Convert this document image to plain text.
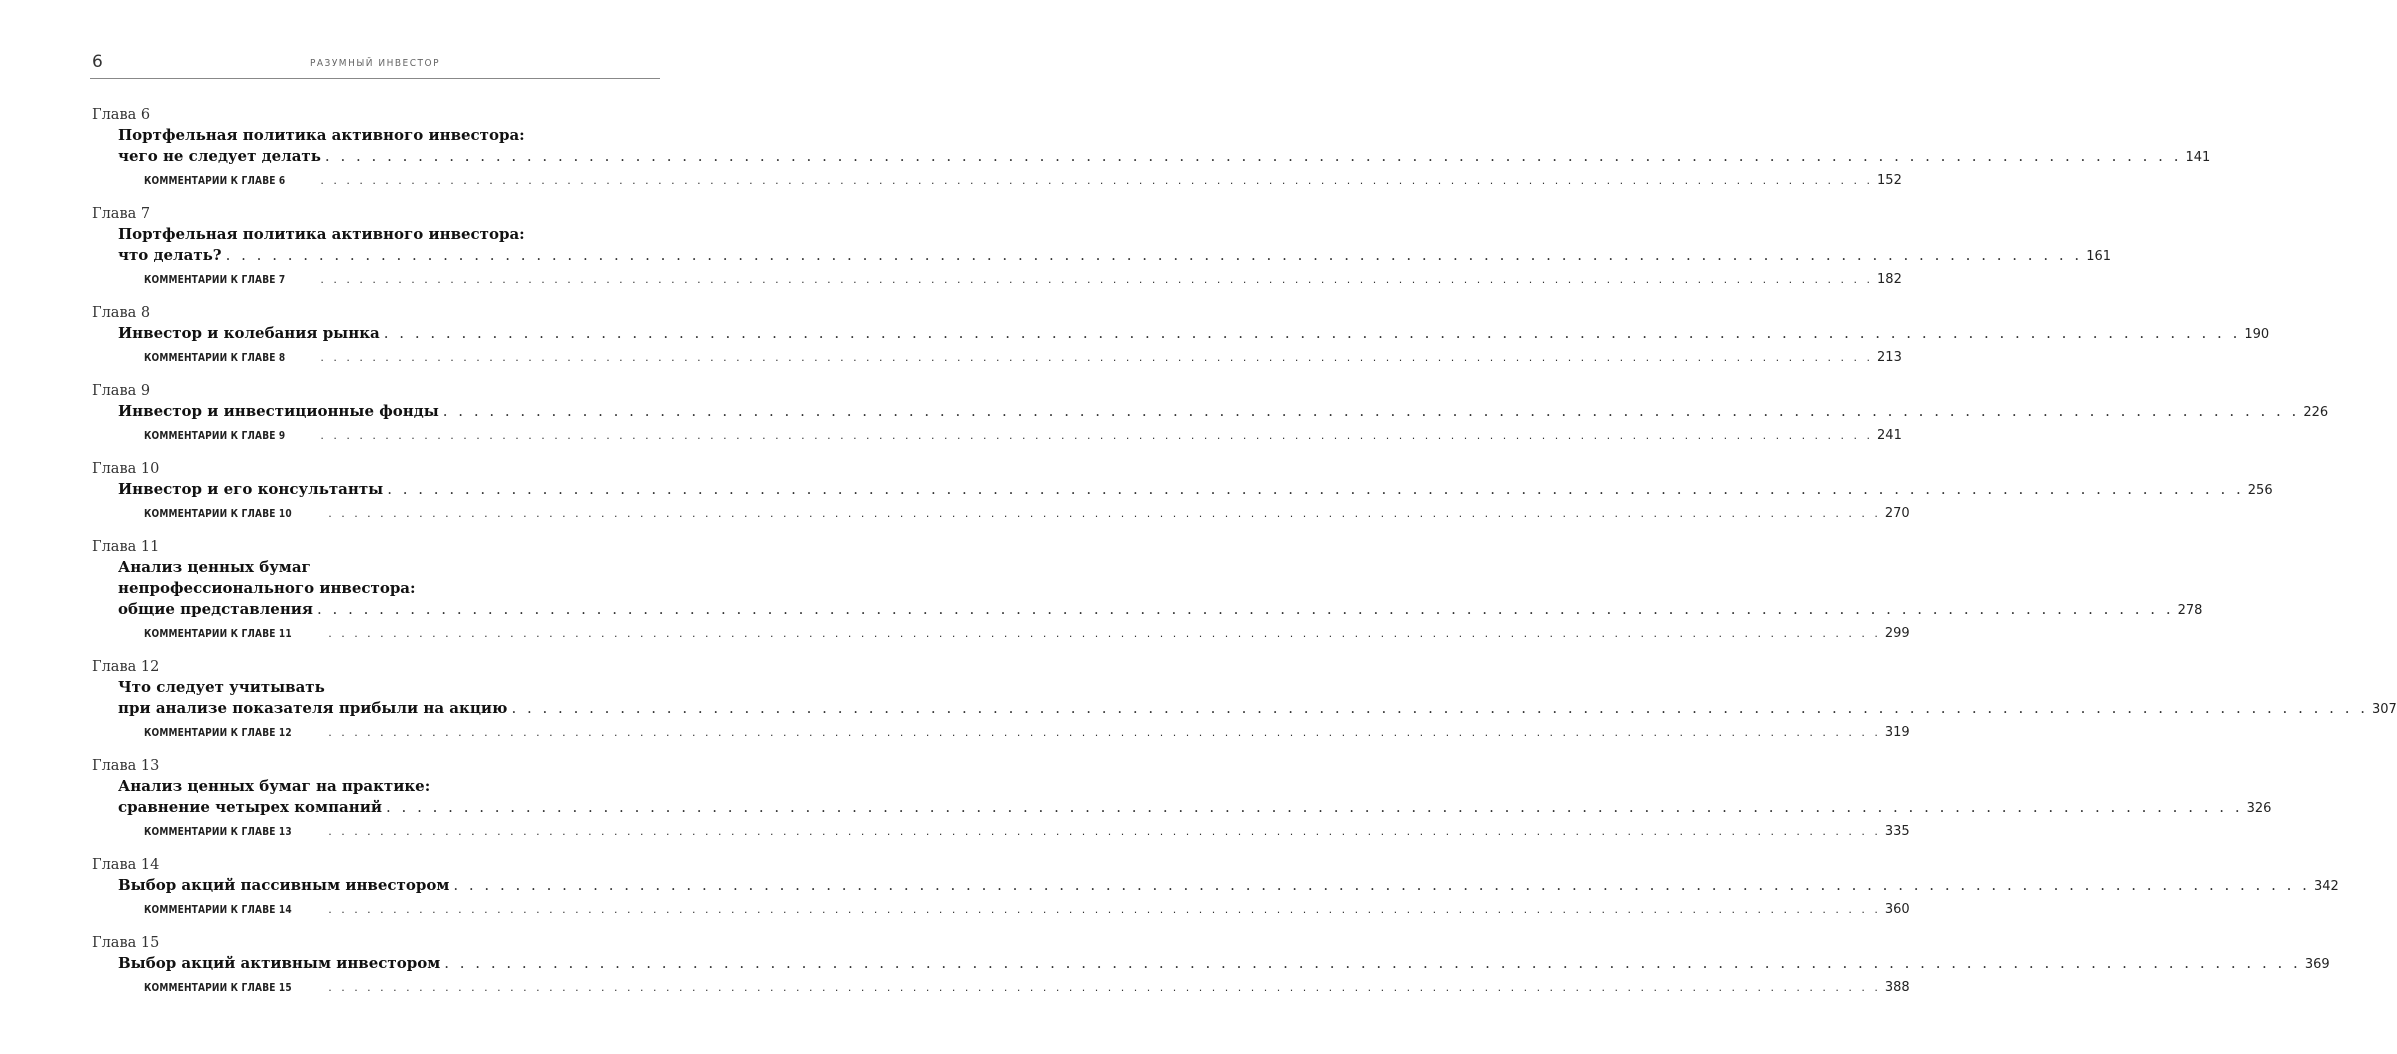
6	РАЗУМНЫЙ ИНВЕСТОР
Глава 6
Портфельная политика активного инвестора:
чего не следует делать . . . . . . . . . . . . . . . . . . . . . . . . . . . . . . . . . . . . . . . . . . . . . . . . . . . . . . . . . . . . . . . . . . . . . . . . . . . . . . . . . . . . . . . . . . . . . . . . . . . . . . . . . . . . . . . . . . . . . . . . 141
КОММЕНТАРИИ К ГЛАВЕ 6	. . . . . . . . . . . . . . . . . . . . . . . . . . . . . . . . . . . . . . . . . . . . . . . . . . . . . . . . . . . . . . . . . . . . . . . . . . . . . . . . . . . . . . . . . . . . . . . . . . . . . . . . . . . . . . . . . . . . . . . . 152
Глава 7
Портфельная политика активного инвестора:
что делать? . . . . . . . . . . . . . . . . . . . . . . . . . . . . . . . . . . . . . . . . . . . . . . . . . . . . . . . . . . . . . . . . . . . . . . . . . . . . . . . . . . . . . . . . . . . . . . . . . . . . . . . . . . . . . . . . . . . . . . . . 161
КОММЕНТАРИИ К ГЛАВЕ 7	. . . . . . . . . . . . . . . . . . . . . . . . . . . . . . . . . . . . . . . . . . . . . . . . . . . . . . . . . . . . . . . . . . . . . . . . . . . . . . . . . . . . . . . . . . . . . . . . . . . . . . . . . . . . . . . . . . . . . . . . 182
Глава 8
Инвестор и колебания рынка . . . . . . . . . . . . . . . . . . . . . . . . . . . . . . . . . . . . . . . . . . . . . . . . . . . . . . . . . . . . . . . . . . . . . . . . . . . . . . . . . . . . . . . . . . . . . . . . . . . . . . . . . . . . . . . . . . . . . . . . 190
КОММЕНТАРИИ К ГЛАВЕ 8	. . . . . . . . . . . . . . . . . . . . . . . . . . . . . . . . . . . . . . . . . . . . . . . . . . . . . . . . . . . . . . . . . . . . . . . . . . . . . . . . . . . . . . . . . . . . . . . . . . . . . . . . . . . . . . . . . . . . . . . . 213
Глава 9
Инвестор и инвестиционные фонды . . . . . . . . . . . . . . . . . . . . . . . . . . . . . . . . . . . . . . . . . . . . . . . . . . . . . . . . . . . . . . . . . . . . . . . . . . . . . . . . . . . . . . . . . . . . . . . . . . . . . . . . . . . . . . . . . . . . . . . . 226
КОММЕНТАРИИ К ГЛАВЕ 9	. . . . . . . . . . . . . . . . . . . . . . . . . . . . . . . . . . . . . . . . . . . . . . . . . . . . . . . . . . . . . . . . . . . . . . . . . . . . . . . . . . . . . . . . . . . . . . . . . . . . . . . . . . . . . . . . . . . . . . . . 241
Глава 10
Инвестор и его консультанты . . . . . . . . . . . . . . . . . . . . . . . . . . . . . . . . . . . . . . . . . . . . . . . . . . . . . . . . . . . . . . . . . . . . . . . . . . . . . . . . . . . . . . . . . . . . . . . . . . . . . . . . . . . . . . . . . . . . . . . . 256
КОММЕНТАРИИ К ГЛАВЕ 10	. . . . . . . . . . . . . . . . . . . . . . . . . . . . . . . . . . . . . . . . . . . . . . . . . . . . . . . . . . . . . . . . . . . . . . . . . . . . . . . . . . . . . . . . . . . . . . . . . . . . . . . . . . . . . . . . . . . . . . . . 270
Глава 11
Анализ ценных бумаг
непрофессионального инвестора:
общие представления . . . . . . . . . . . . . . . . . . . . . . . . . . . . . . . . . . . . . . . . . . . . . . . . . . . . . . . . . . . . . . . . . . . . . . . . . . . . . . . . . . . . . . . . . . . . . . . . . . . . . . . . . . . . . . . . . . . . . . . . 278
КОММЕНТАРИИ К ГЛАВЕ 11	. . . . . . . . . . . . . . . . . . . . . . . . . . . . . . . . . . . . . . . . . . . . . . . . . . . . . . . . . . . . . . . . . . . . . . . . . . . . . . . . . . . . . . . . . . . . . . . . . . . . . . . . . . . . . . . . . . . . . . . . 299
Глава 12
Что следует учитывать
при анализе показателя прибыли на акцию . . . . . . . . . . . . . . . . . . . . . . . . . . . . . . . . . . . . . . . . . . . . . . . . . . . . . . . . . . . . . . . . . . . . . . . . . . . . . . . . . . . . . . . . . . . . . . . . . . . . . . . . . . . . . . . . . . . . . . . . 307
КОММЕНТАРИИ К ГЛАВЕ 12	. . . . . . . . . . . . . . . . . . . . . . . . . . . . . . . . . . . . . . . . . . . . . . . . . . . . . . . . . . . . . . . . . . . . . . . . . . . . . . . . . . . . . . . . . . . . . . . . . . . . . . . . . . . . . . . . . . . . . . . . 319
Глава 13
Анализ ценных бумаг на практике:
сравнение четырех компаний . . . . . . . . . . . . . . . . . . . . . . . . . . . . . . . . . . . . . . . . . . . . . . . . . . . . . . . . . . . . . . . . . . . . . . . . . . . . . . . . . . . . . . . . . . . . . . . . . . . . . . . . . . . . . . . . . . . . . . . . 326
КОММЕНТАРИИ К ГЛАВЕ 13	. . . . . . . . . . . . . . . . . . . . . . . . . . . . . . . . . . . . . . . . . . . . . . . . . . . . . . . . . . . . . . . . . . . . . . . . . . . . . . . . . . . . . . . . . . . . . . . . . . . . . . . . . . . . . . . . . . . . . . . . 335
Глава 14
Выбор акций пассивным инвестором . . . . . . . . . . . . . . . . . . . . . . . . . . . . . . . . . . . . . . . . . . . . . . . . . . . . . . . . . . . . . . . . . . . . . . . . . . . . . . . . . . . . . . . . . . . . . . . . . . . . . . . . . . . . . . . . . . . . . . . . 342
КОММЕНТАРИИ К ГЛАВЕ 14	. . . . . . . . . . . . . . . . . . . . . . . . . . . . . . . . . . . . . . . . . . . . . . . . . . . . . . . . . . . . . . . . . . . . . . . . . . . . . . . . . . . . . . . . . . . . . . . . . . . . . . . . . . . . . . . . . . . . . . . . 360
Глава 15
Выбор акций активным инвестором . . . . . . . . . . . . . . . . . . . . . . . . . . . . . . . . . . . . . . . . . . . . . . . . . . . . . . . . . . . . . . . . . . . . . . . . . . . . . . . . . . . . . . . . . . . . . . . . . . . . . . . . . . . . . . . . . . . . . . . . 369
КОММЕНТАРИИ К ГЛАВЕ 15	. . . . . . . . . . . . . . . . . . . . . . . . . . . . . . . . . . . . . . . . . . . . . . . . . . . . . . . . . . . . . . . . . . . . . . . . . . . . . . . . . . . . . . . . . . . . . . . . . . . . . . . . . . . . . . . . . . . . . . . . 388
